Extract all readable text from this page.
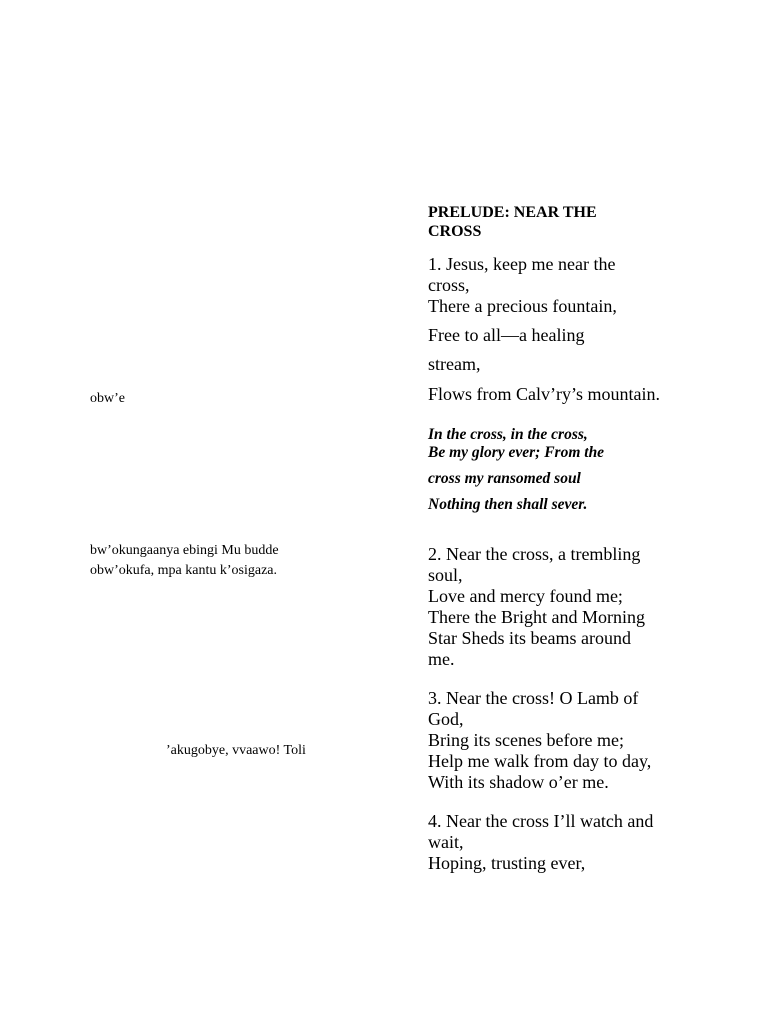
obw’e
bw’okungaanya ebingi Mu budde
obw’okufa, mpa kantu k’osigaza.
’akugobye, vvaawo! Toli
PRELUDE: NEAR THE
CROSS
1. Jesus, keep me near the
cross,
There a precious fountain,
Free to all—a healing
stream,
Flows from Calv’ry’s mountain.
In the cross, in the cross,
Be my glory ever; From the
cross my ransomed soul
Nothing then shall sever.
2. Near the cross, a trembling
soul,
Love and mercy found me;
There the Bright and Morning
Star Sheds its beams around
me.
3. Near the cross! O Lamb of
God,
Bring its scenes before me;
Help me walk from day to day,
With its shadow o’er me.
4. Near the cross I’ll watch and
wait,
Hoping, trusting ever,
